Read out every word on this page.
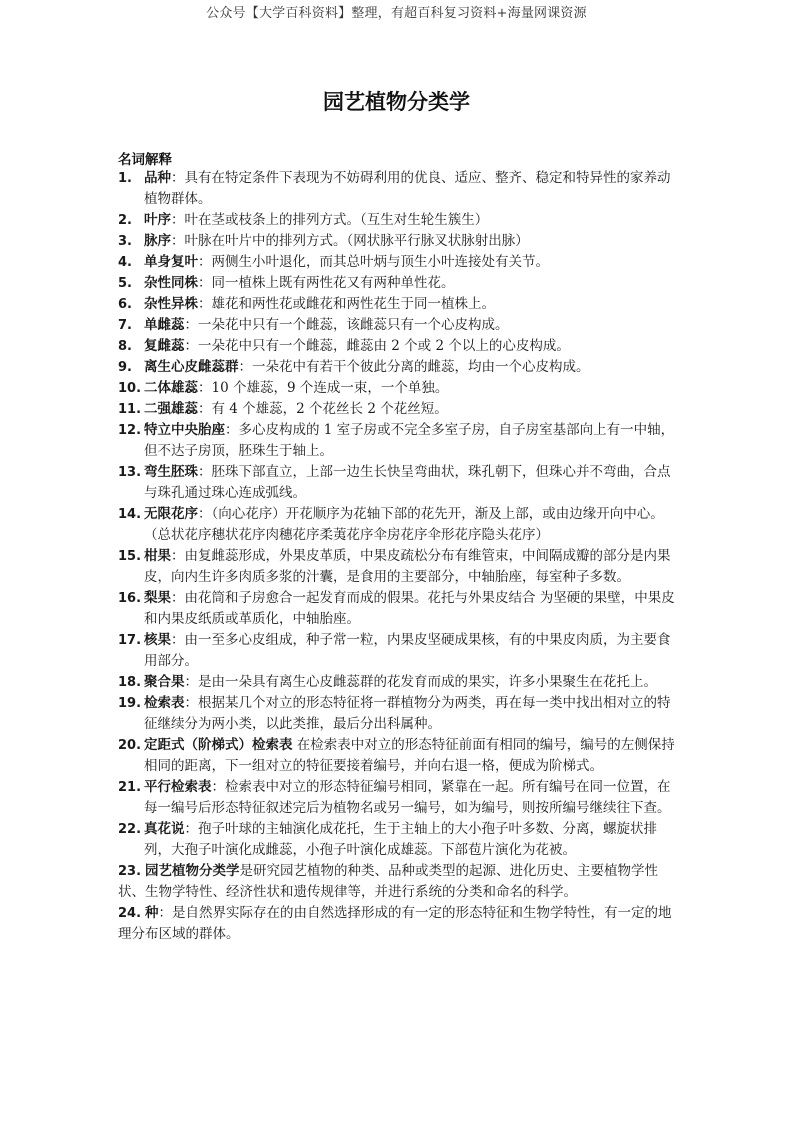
公众号【大学百科资料】整理，有超百科复习资料+海量网课资源
园艺植物分类学
名词解释
1. 品种：具有在特定条件下表现为不妨碍利用的优良、适应、整齐、稳定和特异性的家养动植物群体。
2. 叶序：叶在茎或枝条上的排列方式。（互生对生轮生簇生）
3. 脉序：叶脉在叶片中的排列方式。（网状脉平行脉叉状脉射出脉）
4. 单身复叶：两侧生小叶退化，而其总叶炳与顶生小叶连接处有关节。
5. 杂性同株：同一植株上既有两性花又有两种单性花。
6. 杂性异株：雄花和两性花或雌花和两性花生于同一植株上。
7. 单雌蕊：一朵花中只有一个雌蕊，该雌蕊只有一个心皮构成。
8. 复雌蕊：一朵花中只有一个雌蕊，雌蕊由 2 个或 2 个以上的心皮构成。
9. 离生心皮雌蕊群：一朵花中有若干个彼此分离的雌蕊，均由一个心皮构成。
10. 二体雄蕊：10 个雄蕊，9 个连成一束，一个单独。
11. 二强雄蕊：有 4 个雄蕊，2 个花丝长 2 个花丝短。
12. 特立中央胎座：多心皮构成的 1 室子房或不完全多室子房，自子房室基部向上有一中轴，但不达子房顶，胚珠生于轴上。
13. 弯生胚珠：胚珠下部直立，上部一边生长快呈弯曲状，珠孔朝下，但珠心并不弯曲，合点与珠孔通过珠心连成弧线。
14. 无限花序：（向心花序）开花顺序为花轴下部的花先开，渐及上部，或由边缘开向中心。（总状花序穗状花序肉穗花序柔荑花序伞房花序伞形花序隐头花序）
15. 柑果：由复雌蕊形成，外果皮革质，中果皮疏松分布有维管束，中间隔成瓣的部分是内果皮，向内生许多肉质多浆的汁囊，是食用的主要部分，中轴胎座，每室种子多数。
16. 梨果：由花筒和子房愈合一起发育而成的假果。花托与外果皮结合 为坚硬的果壁，中果皮和内果皮纸质或革质化，中轴胎座。
17. 核果：由一至多心皮组成，种子常一粒，内果皮坚硬成果核，有的中果皮肉质，为主要食用部分。
18. 聚合果：是由一朵具有离生心皮雌蕊群的花发育而成的果实，许多小果聚生在花托上。
19. 检索表：根据某几个对立的形态特征将一群植物分为两类，再在每一类中找出相对立的特征继续分为两小类，以此类推，最后分出科属种。
20. 定距式（阶梯式）检索表 在检索表中对立的形态特征前面有相同的编号，编号的左侧保持相同的距离，下一组对立的特征要接着编号，并向右退一格，便成为阶梯式。
21. 平行检索表：检索表中对立的形态特征编号相同，紧靠在一起。所有编号在同一位置，在每一编号后形态特征叙述完后为植物名或另一编号，如为编号，则按所编号继续往下查。
22. 真花说：孢子叶球的主轴演化成花托，生于主轴上的大小孢子叶多数、分离，螺旋状排列，大孢子叶演化成雌蕊，小孢子叶演化成雄蕊。下部苞片演化为花被。
23. 园艺植物分类学是研究园艺植物的种类、品种或类型的起源、进化历史、主要植物学性状、生物学特性、经济性状和遗传规律等，并进行系统的分类和命名的科学。
24. 种：是自然界实际存在的由自然选择形成的有一定的形态特征和生物学特性，有一定的地理分布区域的群体。
